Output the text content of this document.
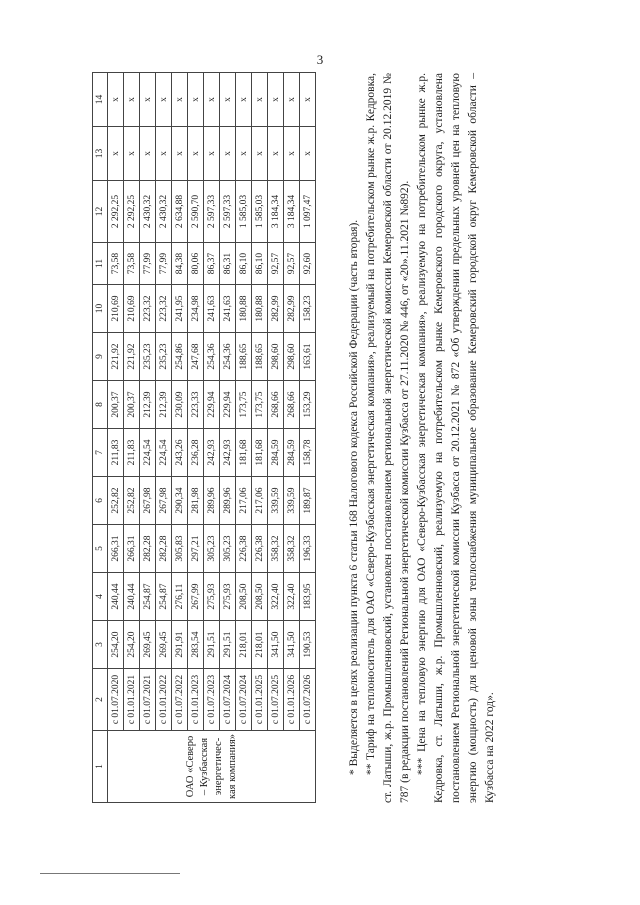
3
1	2	3	4	5	6	7	8	9	10	11	12	13	14
ОАО «Северо – Кузбасская энергетичес-кая компания»	с 01.07.2020	254,20	240,44	266,31	252,82	211,83	200,37	221,92	210,69	73,58	2 292,25	х	х
	с 01.01.2021	254,20	240,44	266,31	252,82	211,83	200,37	221,92	210,69	73,58	2 292,25	х	х
	с 01.07.2021	269,45	254,87	282,28	267,98	224,54	212,39	235,23	223,32	77,99	2 430,32	х	х
	с 01.01.2022	269,45	254,87	282,28	267,98	224,54	212,39	235,23	223,32	77,99	2 430,32	х	х
	с 01.07.2022	291,91	276,11	305,83	290,34	243,26	230,09	254,86	241,95	84,38	2 634,88	х	х
	с 01.01.2023	283,54	267,99	297,21	281,98	236,28	223,33	247,68	234,98	80,06	2 590,70	х	х
	с 01.07.2023	291,51	275,93	305,23	289,96	242,93	229,94	254,36	241,63	86,37	2 597,33	х	х
	с 01.07.2024	291,51	275,93	305,23	289,96	242,93	229,94	254,36	241,63	86,31	2 597,33	х	х
	с 01.07.2024	218,01	208,50	226,38	217,06	181,68	173,75	188,65	180,88	86,10	1 585,03	х	х
	с 01.01.2025	218,01	208,50	226,38	217,06	181,68	173,75	188,65	180,88	86,10	1 585,03	х	х
	с 01.07.2025	341,50	322,40	358,32	339,59	284,59	268,66	298,60	282,99	92,57	3 184,34	х	х
	с 01.01.2026	341,50	322,40	358,32	339,59	284,59	268,66	298,60	282,99	92,57	3 184,34	х	х
	с 01.07.2026	190,53	183,95	196,33	189,87	158,78	153,29	163,61	158,23	92,60	1 097,47	х	х

* Выделяется в целях реализации пункта 6 статьи 168 Налогового кодекса Российской Федерации (часть вторая). ** Тариф на теплоноситель для ОАО «Северо-Кузбасская энергетическая компания», реализуемый на потребительском рынке ж.р. Кедровка, ст. Латыши, ж.р. Промышленновский, установлен постановлением региональной энергетической комиссии Кемеровской области от 20.12.2019 № 787 (в редакции постановлений Региональной энергетической комиссии Кузбасса от 27.11.2020 № 446, от «20».11.2021 №892). *** Цена на тепловую энергию для ОАО «Северо-Кузбасская энергетическая компания», реализуемую на потребительском рынке ж.р. Кедровка, ст. Латыши, ж.р. Промышленновский, реализуемую на потребительском рынке Кемеровского городского округа, установлена постановлением Региональной энергетической комиссии Кузбасса от 20.12.2021 № 872 «Об утверждении предельных уровней цен на тепловую энергию (мощность) для ценовой зоны теплоснабжения муниципальное образование Кемеровский городской округ Кемеровской области – Кузбасса на 2022 год».
